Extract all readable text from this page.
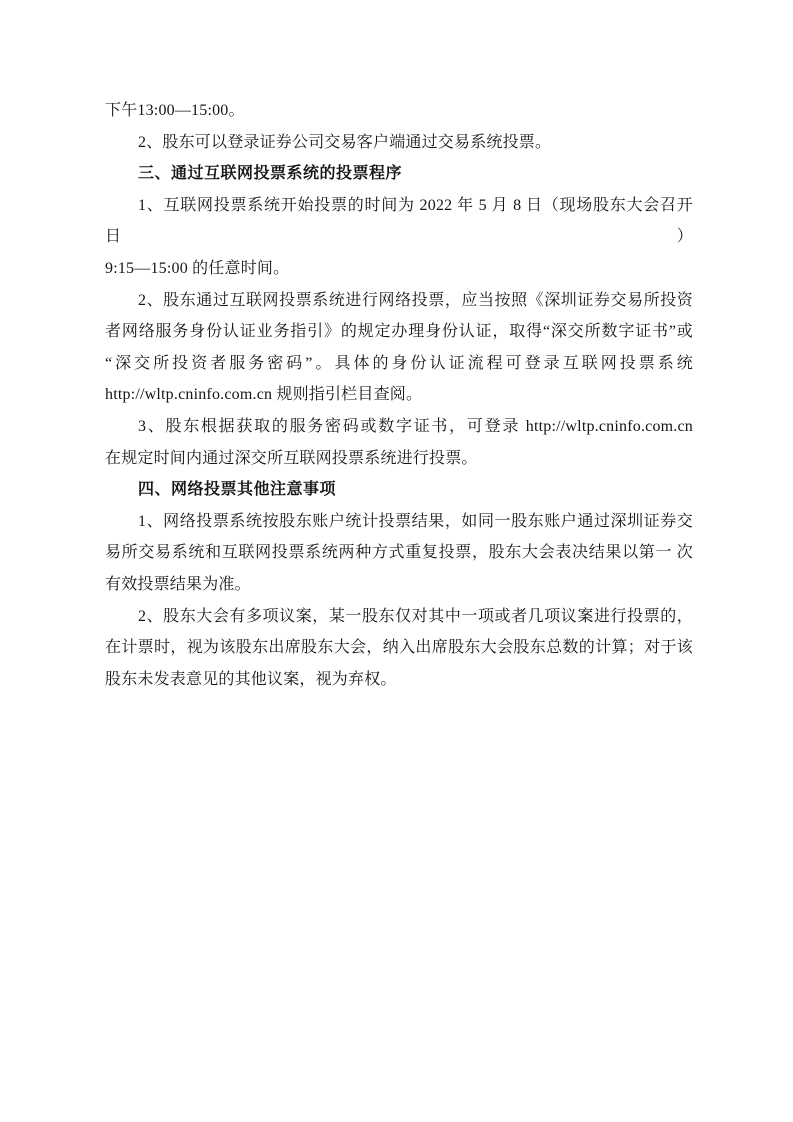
下午13:00—15:00。
2、股东可以登录证券公司交易客户端通过交易系统投票。
三、通过互联网投票系统的投票程序
1、互联网投票系统开始投票的时间为 2022 年 5 月 8 日（现场股东大会召开日）
9:15—15:00 的任意时间。
2、股东通过互联网投票系统进行网络投票，应当按照《深圳证券交易所投资
者网络服务身份认证业务指引》的规定办理身份认证，取得“深交所数字证书”或
“深交所投资者服务密码”。具体的身份认证流程可登录互联网投票系统
http://wltp.cninfo.com.cn 规则指引栏目查阅。
3、股东根据获取的服务密码或数字证书，可登录 http://wltp.cninfo.com.cn
在规定时间内通过深交所互联网投票系统进行投票。
四、网络投票其他注意事项
1、网络投票系统按股东账户统计投票结果，如同一股东账户通过深圳证券交
易所交易系统和互联网投票系统两种方式重复投票，股东大会表决结果以第一 次
有效投票结果为准。
2、股东大会有多项议案，某一股东仅对其中一项或者几项议案进行投票的，
在计票时，视为该股东出席股东大会，纳入出席股东大会股东总数的计算；对于该
股东未发表意见的其他议案，视为弃权。
